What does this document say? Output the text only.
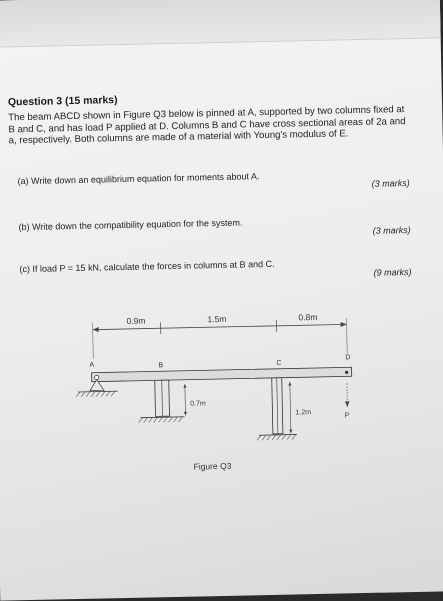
Question 3 (15 marks)
The beam ABCD shown in Figure Q3 below is pinned at A, supported by two columns fixed at B and C, and has load P applied at D. Columns B and C have cross sectional areas of 2a and a, respectively. Both columns are made of a material with Young's modulus of E.
(a) Write down an equilibrium equation for moments about A.	(3 marks)
(b) Write down the compatibility equation for the system.	(3 marks)
(c) If load P = 15 kN, calculate the forces in columns at B and C.	(9 marks)
0.9m	1.5m	0.8m
A	B	C
D
0.7m
1.2m	P
Figure Q3
